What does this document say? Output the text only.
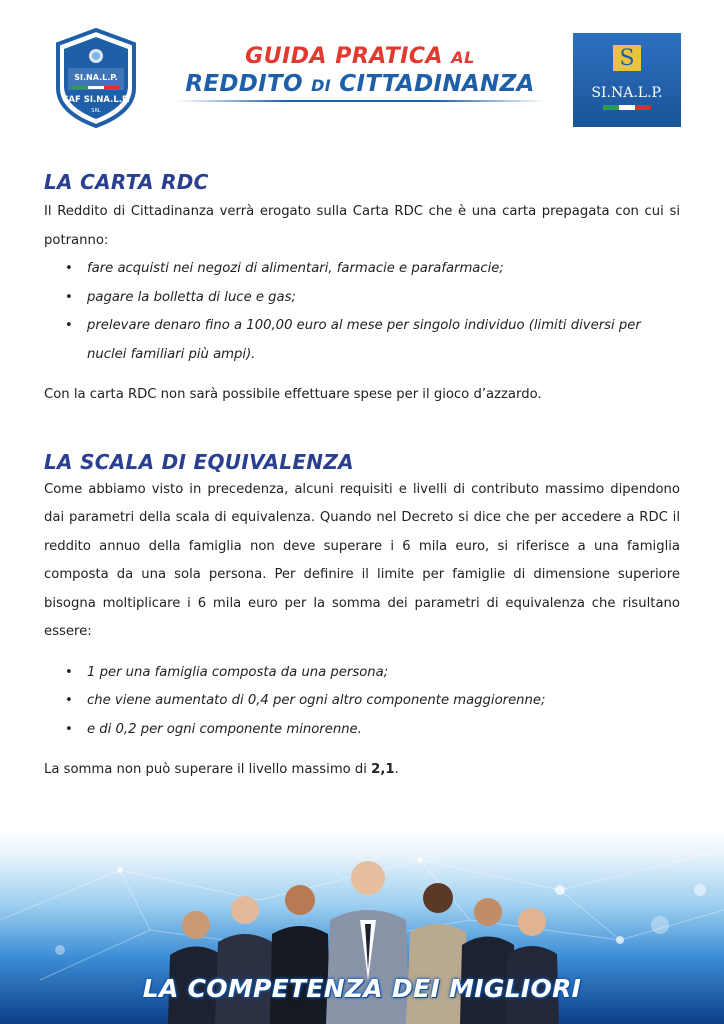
SI.NA.L.P.
CAF SI.NA.L.P.
SRL
GUIDA PRATICA AL
REDDITO DI CITTADINANZA
S
SI.NA.L.P.
LA CARTA RDC

Il Reddito di Cittadinanza verrà erogato sulla Carta RDC che è una carta prepagata con cui si potranno:

• fare acquisti nei negozi di alimentari, farmacie e parafarmacie;
• pagare la bolletta di luce e gas;
• prelevare denaro fino a 100,00 euro al mese per singolo individuo (limiti diversi per nuclei familiari più ampi).

Con la carta RDC non sarà possibile effettuare spese per il gioco d’azzardo.

LA SCALA DI EQUIVALENZA

Come abbiamo visto in precedenza, alcuni requisiti e livelli di contributo massimo dipendono dai parametri della scala di equivalenza. Quando nel Decreto si dice che per accedere a RDC il reddito annuo della famiglia non deve superare i 6 mila euro, si riferisce a una famiglia composta da una sola persona. Per definire il limite per famiglie di dimensione superiore bisogna moltiplicare i 6 mila euro per la somma dei parametri di equivalenza che risultano essere:

• 1 per una famiglia composta da una persona;
• che viene aumentato di 0,4 per ogni altro componente maggiorenne;
• e di 0,2 per ogni componente minorenne.

La somma non può superare il livello massimo di 2,1.

LA COMPETENZA DEI MIGLIORI
